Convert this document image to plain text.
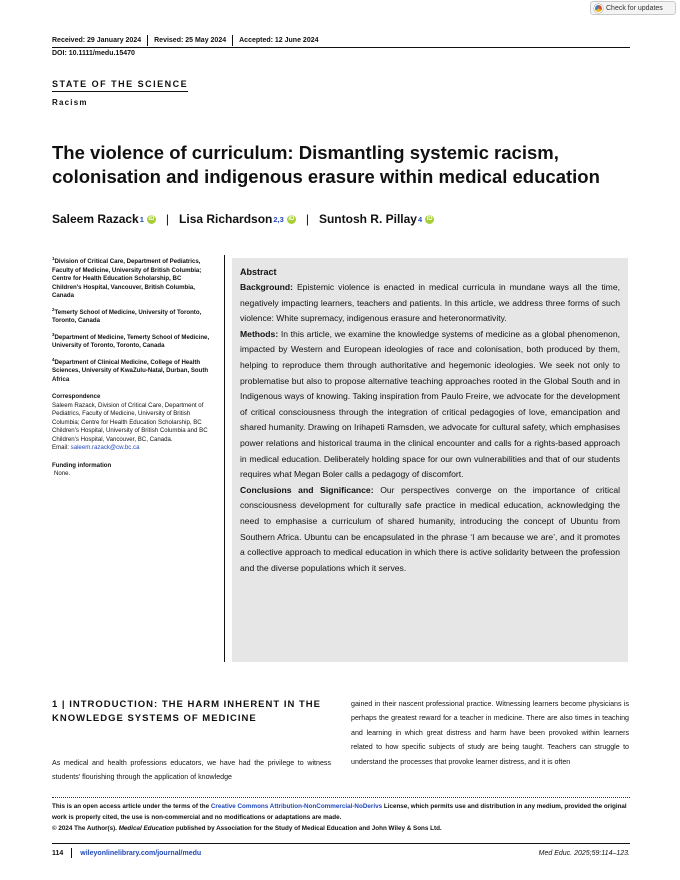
Check for updates
Received: 29 January 2024 Revised: 25 May 2024 Accepted: 12 June 2024
DOI: 10.1111/medu.15470
STATE OF THE SCIENCE
Racism
The violence of curriculum: Dismantling systemic racism, colonisation and indigenous erasure within medical education
Saleem Razack 1 iD | Lisa Richardson 2,3 iD | Suntosh R. Pillay 4 iD

$^1$Division of Critical Care, Department of Pediatrics, Faculty of Medicine, University of British Columbia; Centre for Health Education Scholarship, BC Children's Hospital, Vancouver, British Columbia, Canada

$^2$Temerty School of Medicine, University of Toronto, Toronto, Canada

$^3$Department of Medicine, Temerty School of Medicine, University of Toronto, Toronto, Canada

$^4$Department of Clinical Medicine, College of Health Sciences, University of KwaZulu-Natal, Durban, South Africa

Correspondence
Saleem Razack, Division of Critical Care, Department of Pediatrics, Faculty of Medicine, University of British Columbia; Centre for Health Education Scholarship, BC Children's Hospital, University of British Columbia and BC Children's Hospital, Vancouver, BC, Canada.
Email: saleem.razack@cw.bc.ca
Funding information
None.
Abstract

Background: Epistemic violence is enacted in medical curricula in mundane ways all the time, negatively impacting learners, teachers and patients. In this article, we address three forms of such violence: White supremacy, indigenous erasure and heteronormativity.

Methods: In this article, we examine the knowledge systems of medicine as a global phenomenon, impacted by Western and European ideologies of race and colonisation, both produced by them, helping to reproduce them through authoritative and hegemonic ideologies. We seek not only to problematise but also to propose alternative teaching approaches rooted in the Global South and in Indigenous ways of knowing. Taking inspiration from Paulo Freire, we advocate for the development of critical consciousness through the integration of critical pedagogies of love, emancipation and shared humanity. Drawing on Irihapeti Ramsden, we advocate for cultural safety, which emphasises power relations and historical trauma in the clinical encounter and calls for a rights-based approach in medical education. Deliberately holding space for our own vulnerabilities and that of our students requires what Megan Boler calls a pedagogy of discomfort.

Conclusions and Significance: Our perspectives converge on the importance of critical consciousness development for culturally safe practice in medical education, acknowledging the need to emphasise a curriculum of shared humanity, introducing the concept of Ubuntu from Southern Africa. Ubuntu can be encapsulated in the phrase ‘I am because we are’, and it promotes a collective approach to medical education in which there is active solidarity between the profession and the diverse populations which it serves.

1 | INTRODUCTION: THE HARM INHERENT IN THE KNOWLEDGE SYSTEMS OF MEDICINE

As medical and health professions educators, we have had the privilege to witness students' flourishing through the application of knowledge

gained in their nascent professional practice. Witnessing learners become physicians is perhaps the greatest reward for a teacher in medicine. There are also times in teaching and learning in which great distress and harm have been provoked within learners related to how specific subjects of study are being taught. Teachers can struggle to understand the processes that provoke learner distress, and it is often

This is an open access article under the terms of the Creative Commons Attribution-NonCommercial-NoDerivs License, which permits use and distribution in any medium, provided the original work is properly cited, the use is non-commercial and no modifications or adaptations are made.
© 2024 The Author(s). Medical Education published by Association for the Study of Medical Education and John Wiley & Sons Ltd.
114 wileyonlinelibrary.com/journal/medu	Med Educ. 2025;59:114–123.
